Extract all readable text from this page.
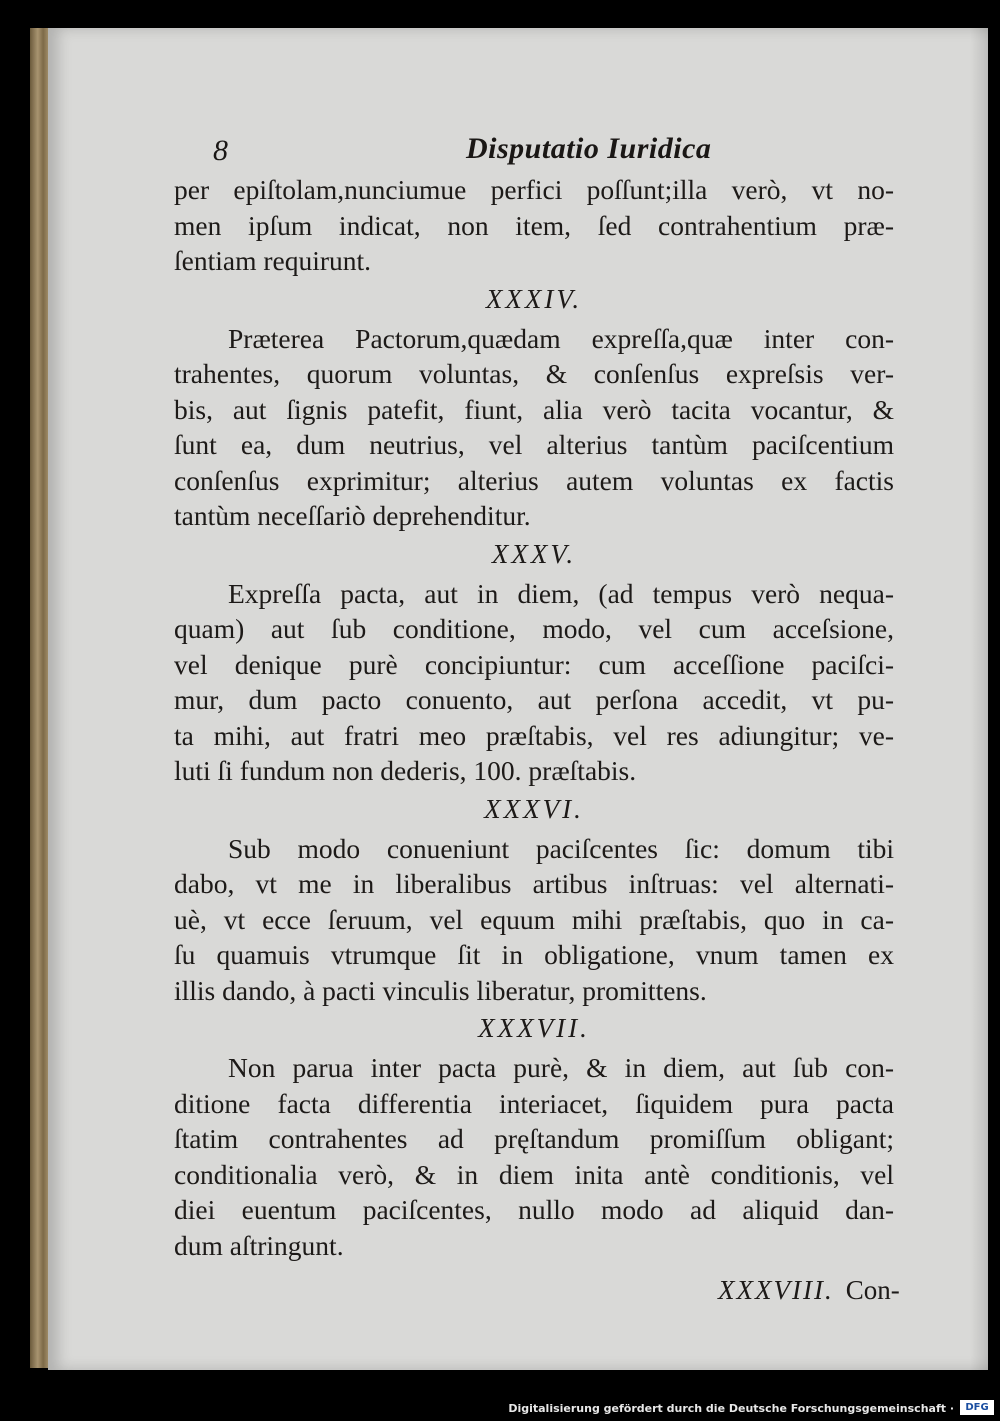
8	Disputatio Iuridica

per epiſtolam,nunciumue perfici poſſunt;illa verò, vt no-
men ipſum indicat, non item, ſed contrahentium præ-
ſentiam requirunt.

XXXIV.

Præterea Pactorum,quædam expreſſa,quæ inter con-
trahentes, quorum voluntas, & conſenſus expreſsis ver-
bis, aut ſignis patefit, fiunt, alia verò tacita vocantur, &
ſunt ea, dum neutrius, vel alterius tantùm paciſcentium
conſenſus exprimitur; alterius autem voluntas ex factis
tantùm neceſſariò deprehenditur.

XXXV.

Expreſſa pacta, aut in diem, (ad tempus verò nequa-
quam) aut ſub conditione, modo, vel cum acceſsione,
vel denique purè concipiuntur: cum acceſſione paciſci-
mur, dum pacto conuento, aut perſona accedit, vt pu-
ta mihi, aut fratri meo præſtabis, vel res adiungitur; ve-
luti ſi fundum non dederis, 100. præſtabis.

XXXVI.

Sub modo conueniunt paciſcentes ſic: domum tibi
dabo, vt me in liberalibus artibus inſtruas: vel alternati-
uè, vt ecce ſeruum, vel equum mihi præſtabis, quo in ca-
ſu quamuis vtrumque ſit in obligatione, vnum tamen ex
illis dando, à pacti vinculis liberatur, promittens.

XXXVII.

Non parua inter pacta purè, & in diem, aut ſub con-
ditione facta differentia interiacet, ſiquidem pura pacta
ſtatim contrahentes ad pręſtandum promiſſum obligant;
conditionalia verò, & in diem inita antè conditionis, vel
diei euentum paciſcentes, nullo modo ad aliquid dan-
dum aſtringunt.

XXXVIII. Con-
Digitalisierung gefördert durch die Deutsche Forschungsgemeinschaft ·	DFG
